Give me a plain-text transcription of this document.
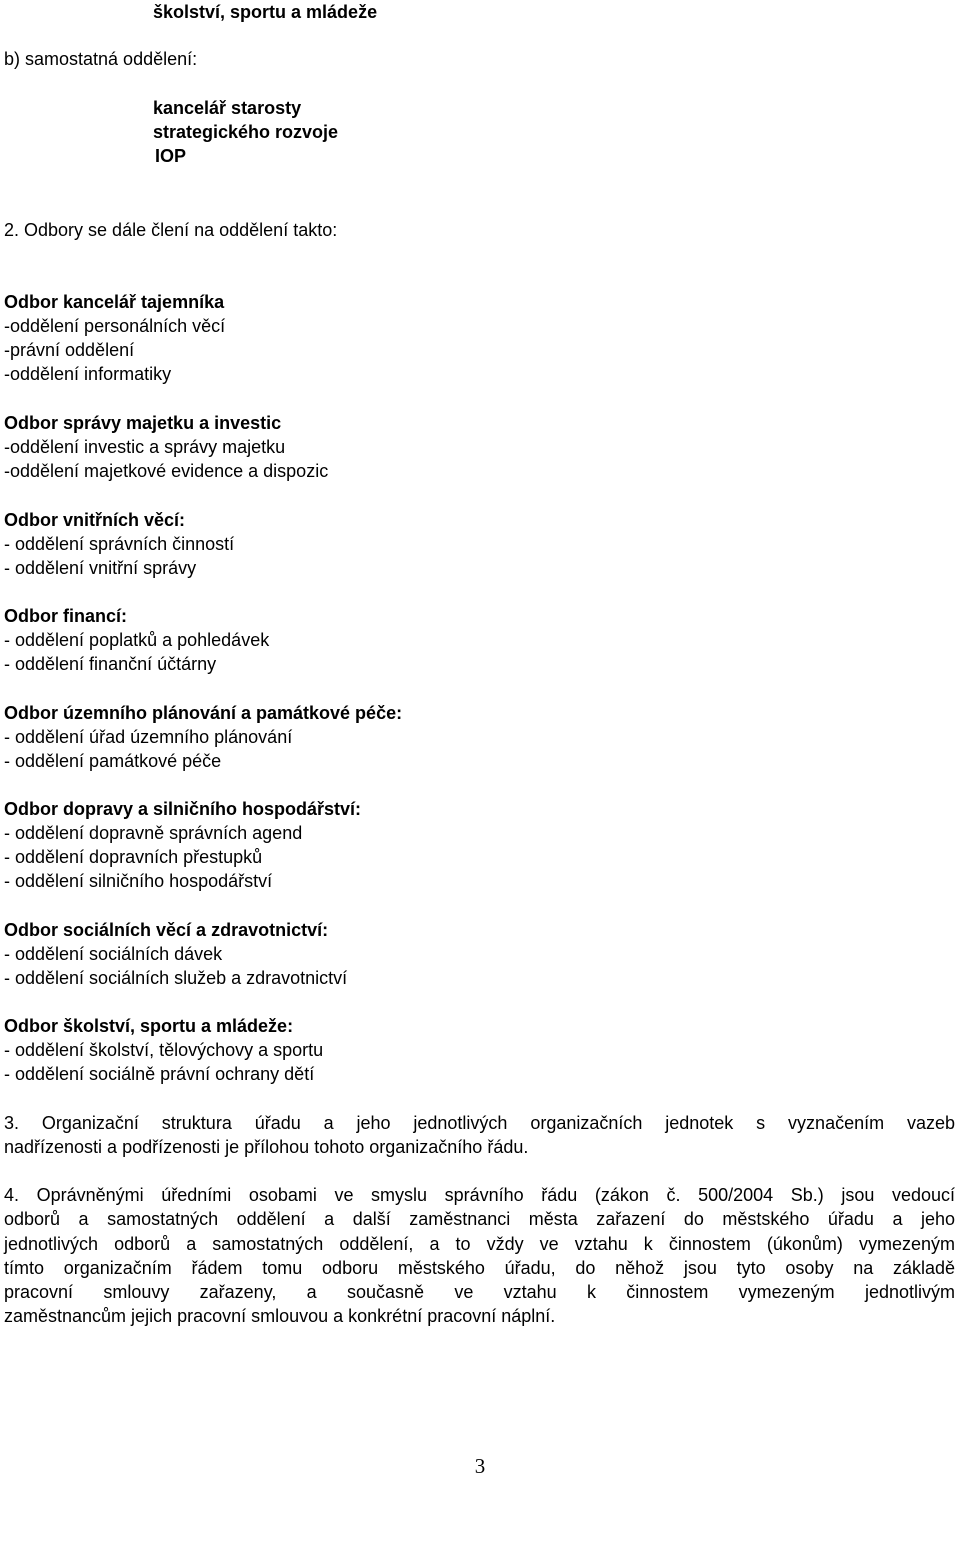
školství, sportu a mládeže
b) samostatná oddělení:
kancelář starosty
strategického rozvoje
IOP
2. Odbory se dále člení na oddělení takto:
Odbor kancelář tajemníka
-oddělení personálních věcí
-právní oddělení
-oddělení informatiky
Odbor správy majetku a investic
-oddělení investic a správy majetku
-oddělení majetkové evidence a dispozic
Odbor vnitřních věcí:
- oddělení správních činností
- oddělení vnitřní správy
Odbor financí:
- oddělení poplatků a pohledávek
- oddělení finanční účtárny
Odbor územního plánování a památkové péče:
- oddělení úřad územního plánování
- oddělení památkové péče
Odbor dopravy a silničního hospodářství:
- oddělení dopravně správních agend
- oddělení dopravních přestupků
- oddělení silničního hospodářství
Odbor sociálních věcí a zdravotnictví:
- oddělení sociálních dávek
- oddělení sociálních služeb a zdravotnictví
Odbor školství, sportu a mládeže:
- oddělení školství, tělovýchovy a sportu
- oddělení sociálně právní ochrany dětí
3. Organizační struktura úřadu a jeho jednotlivých organizačních jednotek s vyznačením vazeb
nadřízenosti a podřízenosti je přílohou tohoto organizačního řádu.
4. Oprávněnými úředními osobami ve smyslu správního řádu (zákon č. 500/2004 Sb.) jsou vedoucí
odborů a samostatných oddělení a další zaměstnanci města zařazení do městského úřadu a jeho
jednotlivých odborů a samostatných oddělení, a to vždy ve vztahu k činnostem (úkonům) vymezeným
tímto organizačním řádem tomu odboru městského úřadu, do něhož jsou tyto osoby na základě
pracovní smlouvy zařazeny, a současně ve vztahu k činnostem vymezeným jednotlivým
zaměstnancům jejich pracovní smlouvou a konkrétní pracovní náplní.
3
